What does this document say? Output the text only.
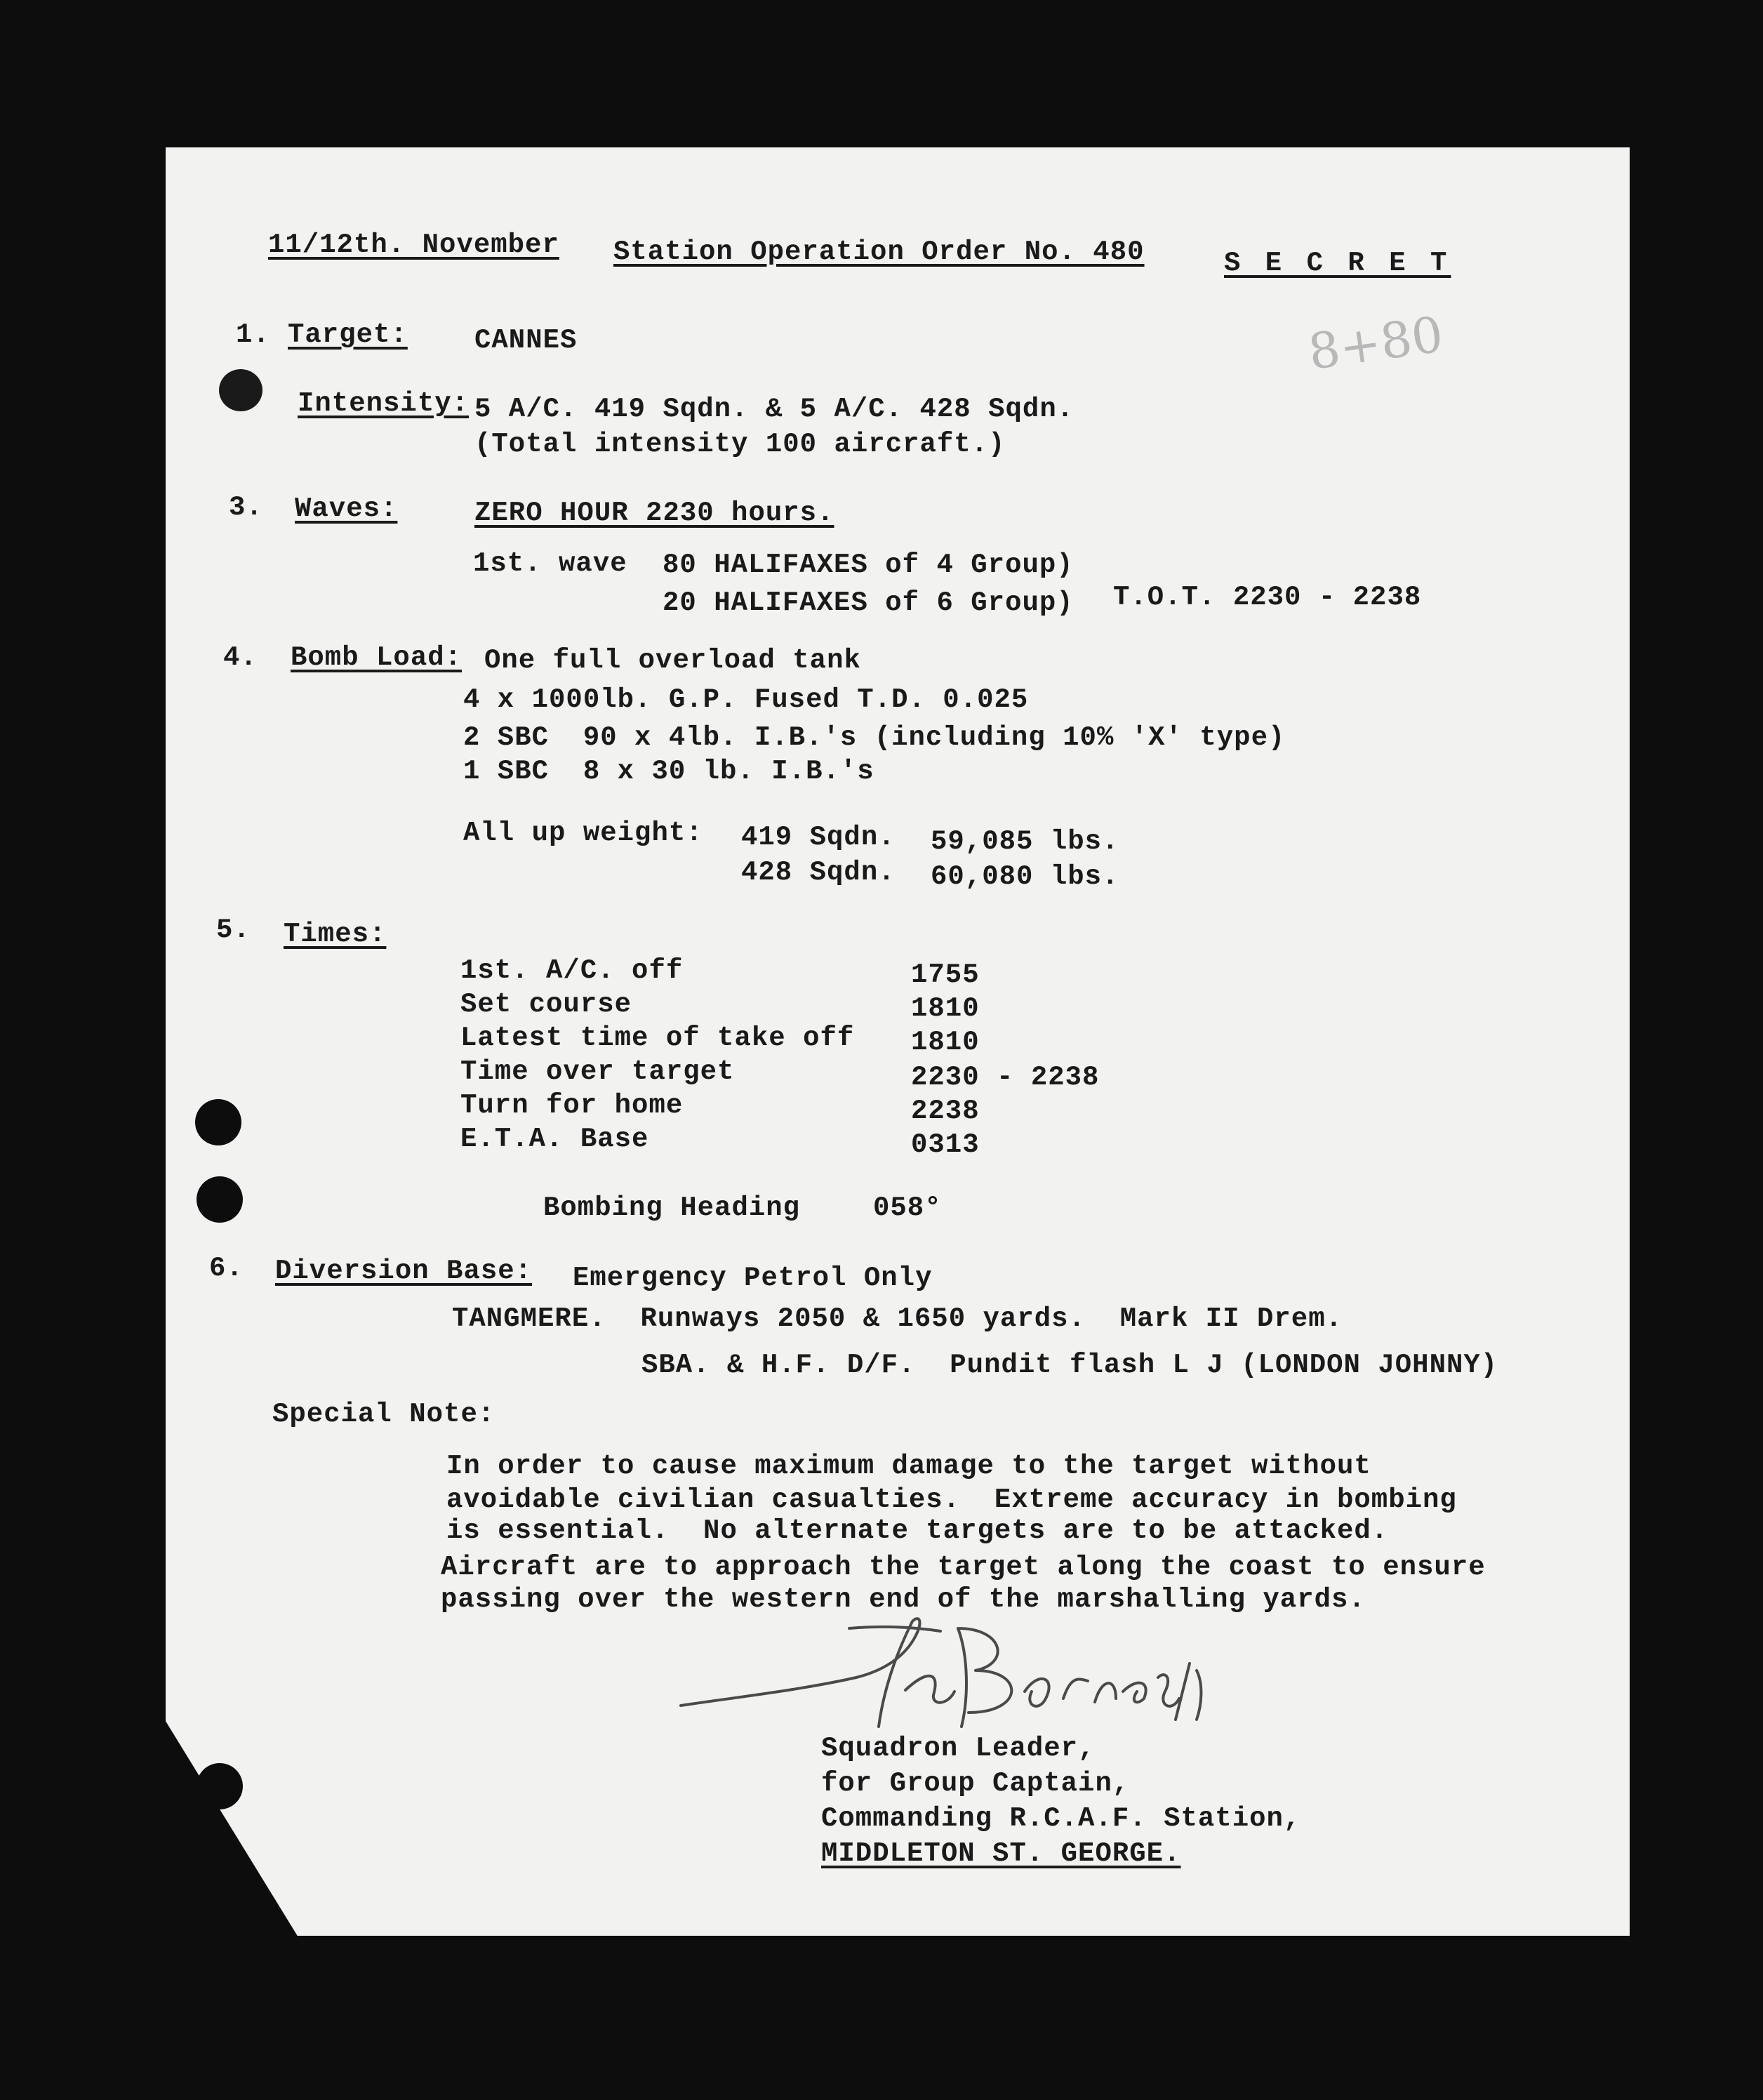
11/12th. November Station Operation Order No. 480	S E C R E T
8+80
1. Target: CANNES
Intensity: 5 A/C. 419 Sqdn. & 5 A/C. 428 Sqdn.
(Total intensity 100 aircraft.)
3. Waves:	ZERO HOUR 2230 hours.
1st. wave 80 HALIFAXES of 4 Group)
20 HALIFAXES of 6 Group) T.O.T. 2230 - 2238
4. Bomb Load: One full overload tank
4 x 1000lb. G.P. Fused T.D. 0.025
2 SBC  90 x 4lb. I.B.'s (including 10% 'X' type)
1 SBC  8 x 30 lb. I.B.'s
All up weight: 419 Sqdn. 59,085 lbs.
428 Sqdn. 60,080 lbs.
5. Times:
1st. A/C. off	1755
Set course	1810
Latest time of take off 1810
Time over target	2230 - 2238
Turn for home	2238
E.T.A. Base	0313
Bombing Heading	058°
6. Diversion Base: Emergency Petrol Only
TANGMERE.  Runways 2050 & 1650 yards.  Mark II Drem.
SBA. & H.F. D/F.  Pundit flash L J (LONDON JOHNNY)
Special Note:
In order to cause maximum damage to the target without
avoidable civilian casualties.  Extreme accuracy in bombing
is essential.  No alternate targets are to be attacked.
Aircraft are to approach the target along the coast to ensure
passing over the western end of the marshalling yards.
Squadron Leader,
for Group Captain,
Commanding R.C.A.F. Station,
MIDDLETON ST. GEORGE.
